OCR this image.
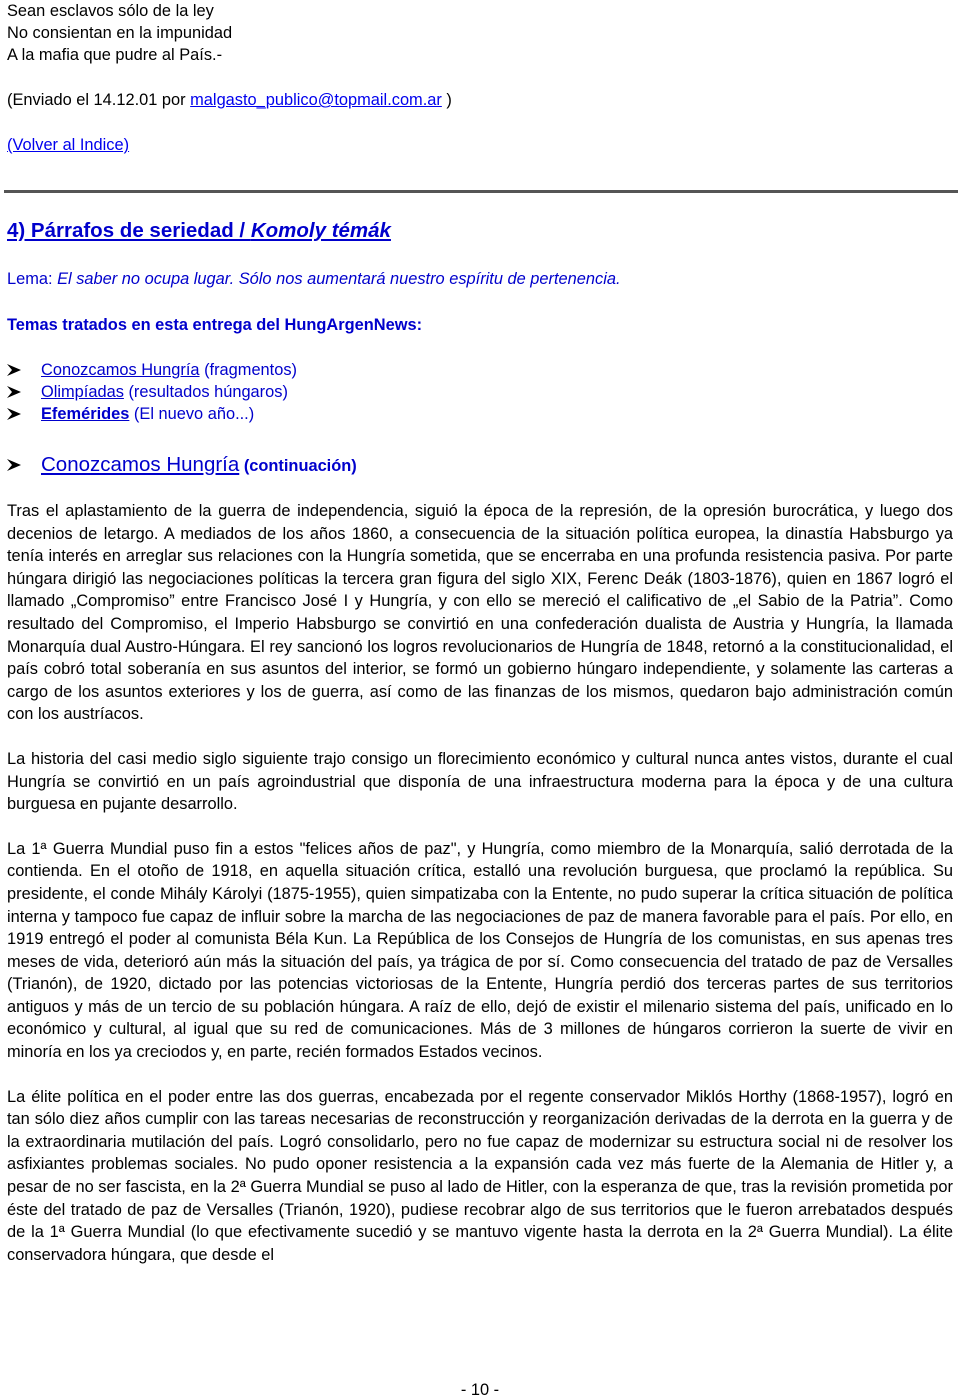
Sean esclavos sólo de la ley
No consientan en la impunidad
A la mafia que pudre al País.-
(Enviado el 14.12.01 por malgasto_publico@topmail.com.ar )
(Volver al Indice)
4) Párrafos de seriedad / Komoly témák
Lema: El saber no ocupa lugar. Sólo nos aumentará nuestro espíritu de pertenencia.
Temas tratados en esta entrega del HungArgenNews:
Conozcamos Hungría (fragmentos)
Olimpíadas (resultados húngaros)
Efemérides (El nuevo año...)
Conozcamos Hungría (continuación)

Tras el aplastamiento de la guerra de independencia, siguió la época de la represión, de la opresión burocrática, y luego dos decenios de letargo. A mediados de los años 1860, a consecuencia de la situación política europea, la dinastía Habsburgo ya tenía interés en arreglar sus relaciones con la Hungría sometida, que se encerraba en una profunda resistencia pasiva. Por parte húngara dirigió las negociaciones políticas la tercera gran figura del siglo XIX, Ferenc Deák (1803-1876), quien en 1867 logró el llamado „Compromiso” entre Francisco José I y Hungría, y con ello se mereció el calificativo de „el Sabio de la Patria”. Como resultado del Compromiso, el Imperio Habsburgo se convirtió en una confederación dualista de Austria y Hungría, la llamada Monarquía dual Austro-Húngara. El rey sancionó los logros revolucionarios de Hungría de 1848, retornó a la constitucionalidad, el país cobró total soberanía en sus asuntos del interior, se formó un gobierno húngaro independiente, y solamente las carteras a cargo de los asuntos exteriores y los de guerra, así como de las finanzas de los mismos, quedaron bajo administración común con los austríacos.

La historia del casi medio siglo siguiente trajo consigo un florecimiento económico y cultural nunca antes vistos, durante el cual Hungría se convirtió en un país agroindustrial que disponía de una infraestructura moderna para la época y de una cultura burguesa en pujante desarrollo.

La 1ª Guerra Mundial puso fin a estos "felices años de paz", y Hungría, como miembro de la Monarquía, salió derrotada de la contienda. En el otoño de 1918, en aquella situación crítica, estalló una revolución burguesa, que proclamó la república. Su presidente, el conde Mihály Károlyi (1875-1955), quien simpatizaba con la Entente, no pudo superar la crítica situación de política interna y tampoco fue capaz de influir sobre la marcha de las negociaciones de paz de manera favorable para el país. Por ello, en 1919 entregó el poder al comunista Béla Kun. La República de los Consejos de Hungría de los comunistas, en sus apenas tres meses de vida, deterioró aún más la situación del país, ya trágica de por sí. Como consecuencia del tratado de paz de Versalles (Trianón), de 1920, dictado por las potencias victoriosas de la Entente, Hungría perdió dos terceras partes de sus territorios antiguos y más de un tercio de su población húngara. A raíz de ello, dejó de existir el milenario sistema del país, unificado en lo económico y cultural, al igual que su red de comunicaciones. Más de 3 millones de húngaros corrieron la suerte de vivir en minoría en los ya creciodos y, en parte, recién formados Estados vecinos.

La élite política en el poder entre las dos guerras, encabezada por el regente conservador Miklós Horthy (1868-1957), logró en tan sólo diez años cumplir con las tareas necesarias de reconstrucción y reorganización derivadas de la derrota en la guerra y de la extraordinaria mutilación del país. Logró consolidarlo, pero no fue capaz de modernizar su estructura social ni de resolver los asfixiantes problemas sociales. No pudo oponer resistencia a la expansión cada vez más fuerte de la Alemania de Hitler y, a pesar de no ser fascista, en la 2ª Guerra Mundial se puso al lado de Hitler, con la esperanza de que, tras la revisión prometida por éste del tratado de paz de Versalles (Trianón, 1920), pudiese recobrar algo de sus territorios que le fueron arrebatados después de la 1ª Guerra Mundial (lo que efectivamente sucedió y se mantuvo vigente hasta la derrota en la 2ª Guerra Mundial). La élite conservadora húngara, que desde el

- 10 -
